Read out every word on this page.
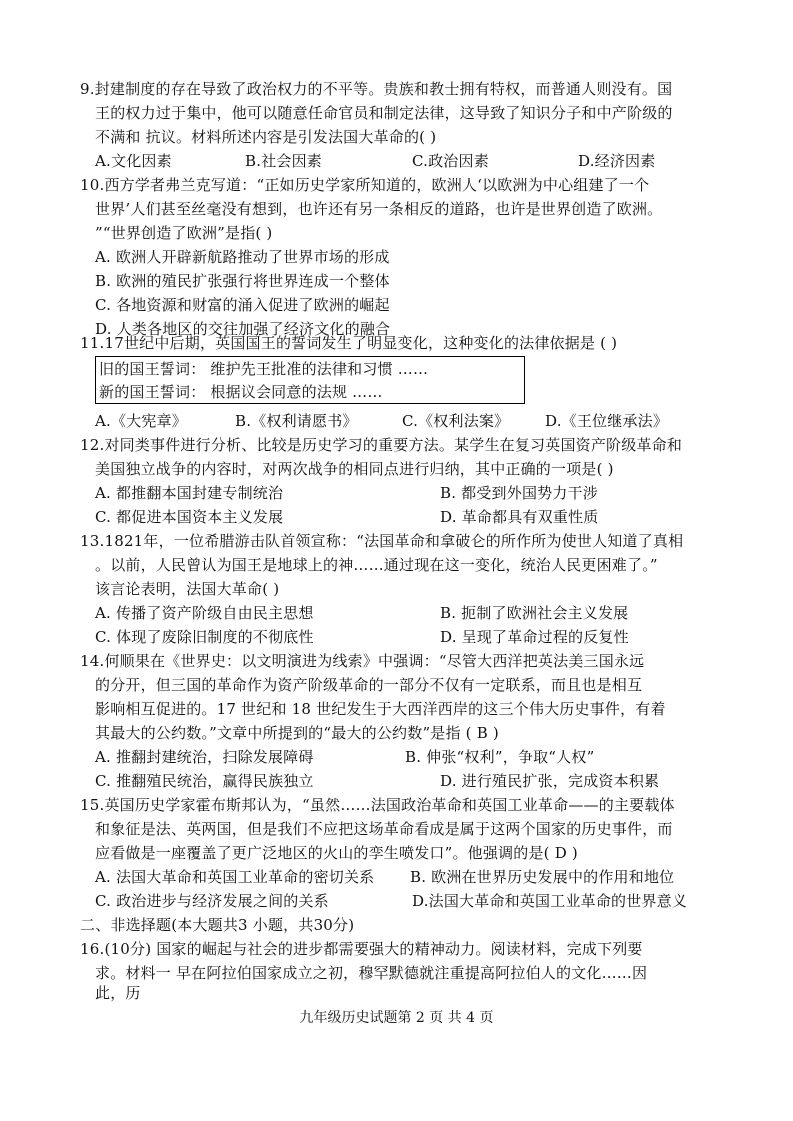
9.封建制度的存在导致了政治权力的不平等。贵族和教士拥有特权，而普通人则没有。国
王的权力过于集中，他可以随意任命官员和制定法律，这导致了知识分子和中产阶级的
不满和 抗议。材料所述内容是引发法国大革命的( )
A.文化因素	B.社会因素	C.政治因素	D.经济因素
10.西方学者弗兰克写道：“正如历史学家所知道的，欧洲人‘以欧洲为中心组建了一个
世界’人们甚至丝毫没有想到，也许还有另一条相反的道路，也许是世界创造了欧洲。
”“世界创造了欧洲”是指( )
A. 欧洲人开辟新航路推动了世界市场的形成
B. 欧洲的殖民扩张强行将世界连成一个整体
C. 各地资源和财富的涌入促进了欧洲的崛起
D. 人类各地区的交往加强了经济文化的融合
11.17世纪中后期，英国国王的誓词发生了明显变化，这种变化的法律依据是 ( )
旧的国王誓词： 维护先王批准的法律和习惯 ……
新的国王誓词： 根据议会同意的法规 ……
A.《大宪章》	B.《权利请愿书》	C.《权利法案》 D.《王位继承法》
12.对同类事件进行分析、比较是历史学习的重要方法。某学生在复习英国资产阶级革命和
美国独立战争的内容时，对两次战争的相同点进行归纳，其中正确的一项是( )
A. 都推翻本国封建专制统治	B. 都受到外国势力干涉
C. 都促进本国资本主义发展	D. 革命都具有双重性质
13.1821年，一位希腊游击队首领宣称：“法国革命和拿破仑的所作所为使世人知道了真相
。以前，人民曾认为国王是地球上的神……通过现在这一变化，统治人民更困难了。”
该言论表明，法国大革命( )
A. 传播了资产阶级自由民主思想	B. 扼制了欧洲社会主义发展
C. 体现了废除旧制度的不彻底性	D. 呈现了革命过程的反复性
14.何顺果在《世界史：以文明演进为线索》中强调：“尽管大西洋把英法美三国永远
的分开，但三国的革命作为资产阶级革命的一部分不仅有一定联系，而且也是相互
影响相互促进的。17 世纪和 18 世纪发生于大西洋西岸的这三个伟大历史事件，有着
其最大的公约数。”文章中所提到的“最大的公约数”是指 ( B )
A. 推翻封建统治，扫除发展障碍	B. 伸张“权利”，争取“人权”
C. 推翻殖民统治，赢得民族独立	D. 进行殖民扩张，完成资本积累
15.英国历史学家霍布斯邦认为，“虽然……法国政治革命和英国工业革命——的主要载体
和象征是法、英两国，但是我们不应把这场革命看成是属于这两个国家的历史事件，而
应看做是一座覆盖了更广泛地区的火山的孪生喷发口”。他强调的是( D )
A. 法国大革命和英国工业革命的密切关系 B. 欧洲在世界历史发展中的作用和地位
C. 政治进步与经济发展之间的关系	D.法国大革命和英国工业革命的世界意义
二、非选择题(本大题共3 小题，共30分)
16.(10分) 国家的崛起与社会的进步都需要强大的精神动力。阅读材料，完成下列要
求。材料一 早在阿拉伯国家成立之初，穆罕默德就注重提高阿拉伯人的文化……因
此，历
九年级历史试题第 2 页 共 4 页
